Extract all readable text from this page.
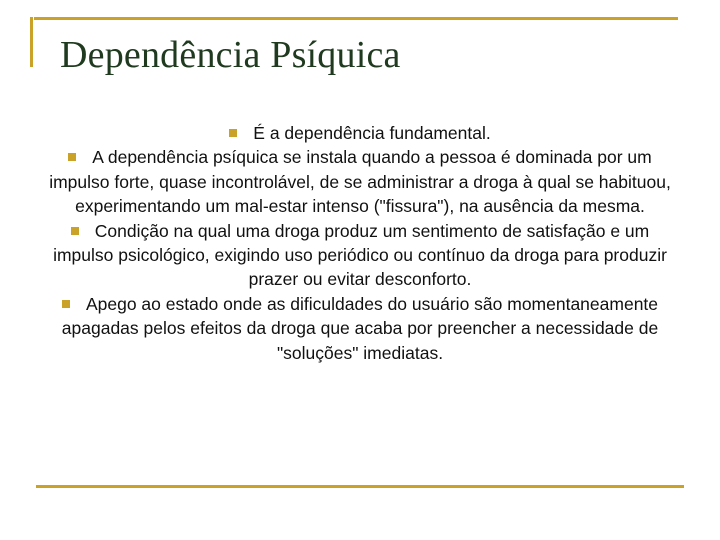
Dependência Psíquica

É a dependência fundamental.

A dependência psíquica se instala quando a pessoa é dominada por um impulso forte, quase incontrolável, de se administrar a droga à qual se habituou, experimentando um mal-estar intenso ("fissura"), na ausência da mesma.

Condição na qual uma droga produz um sentimento de satisfação e um impulso psicológico, exigindo uso periódico ou contínuo da droga para produzir prazer ou evitar desconforto.

Apego ao estado onde as dificuldades do usuário são momentaneamente apagadas pelos efeitos da droga que acaba por preencher a necessidade de "soluções" imediatas.
